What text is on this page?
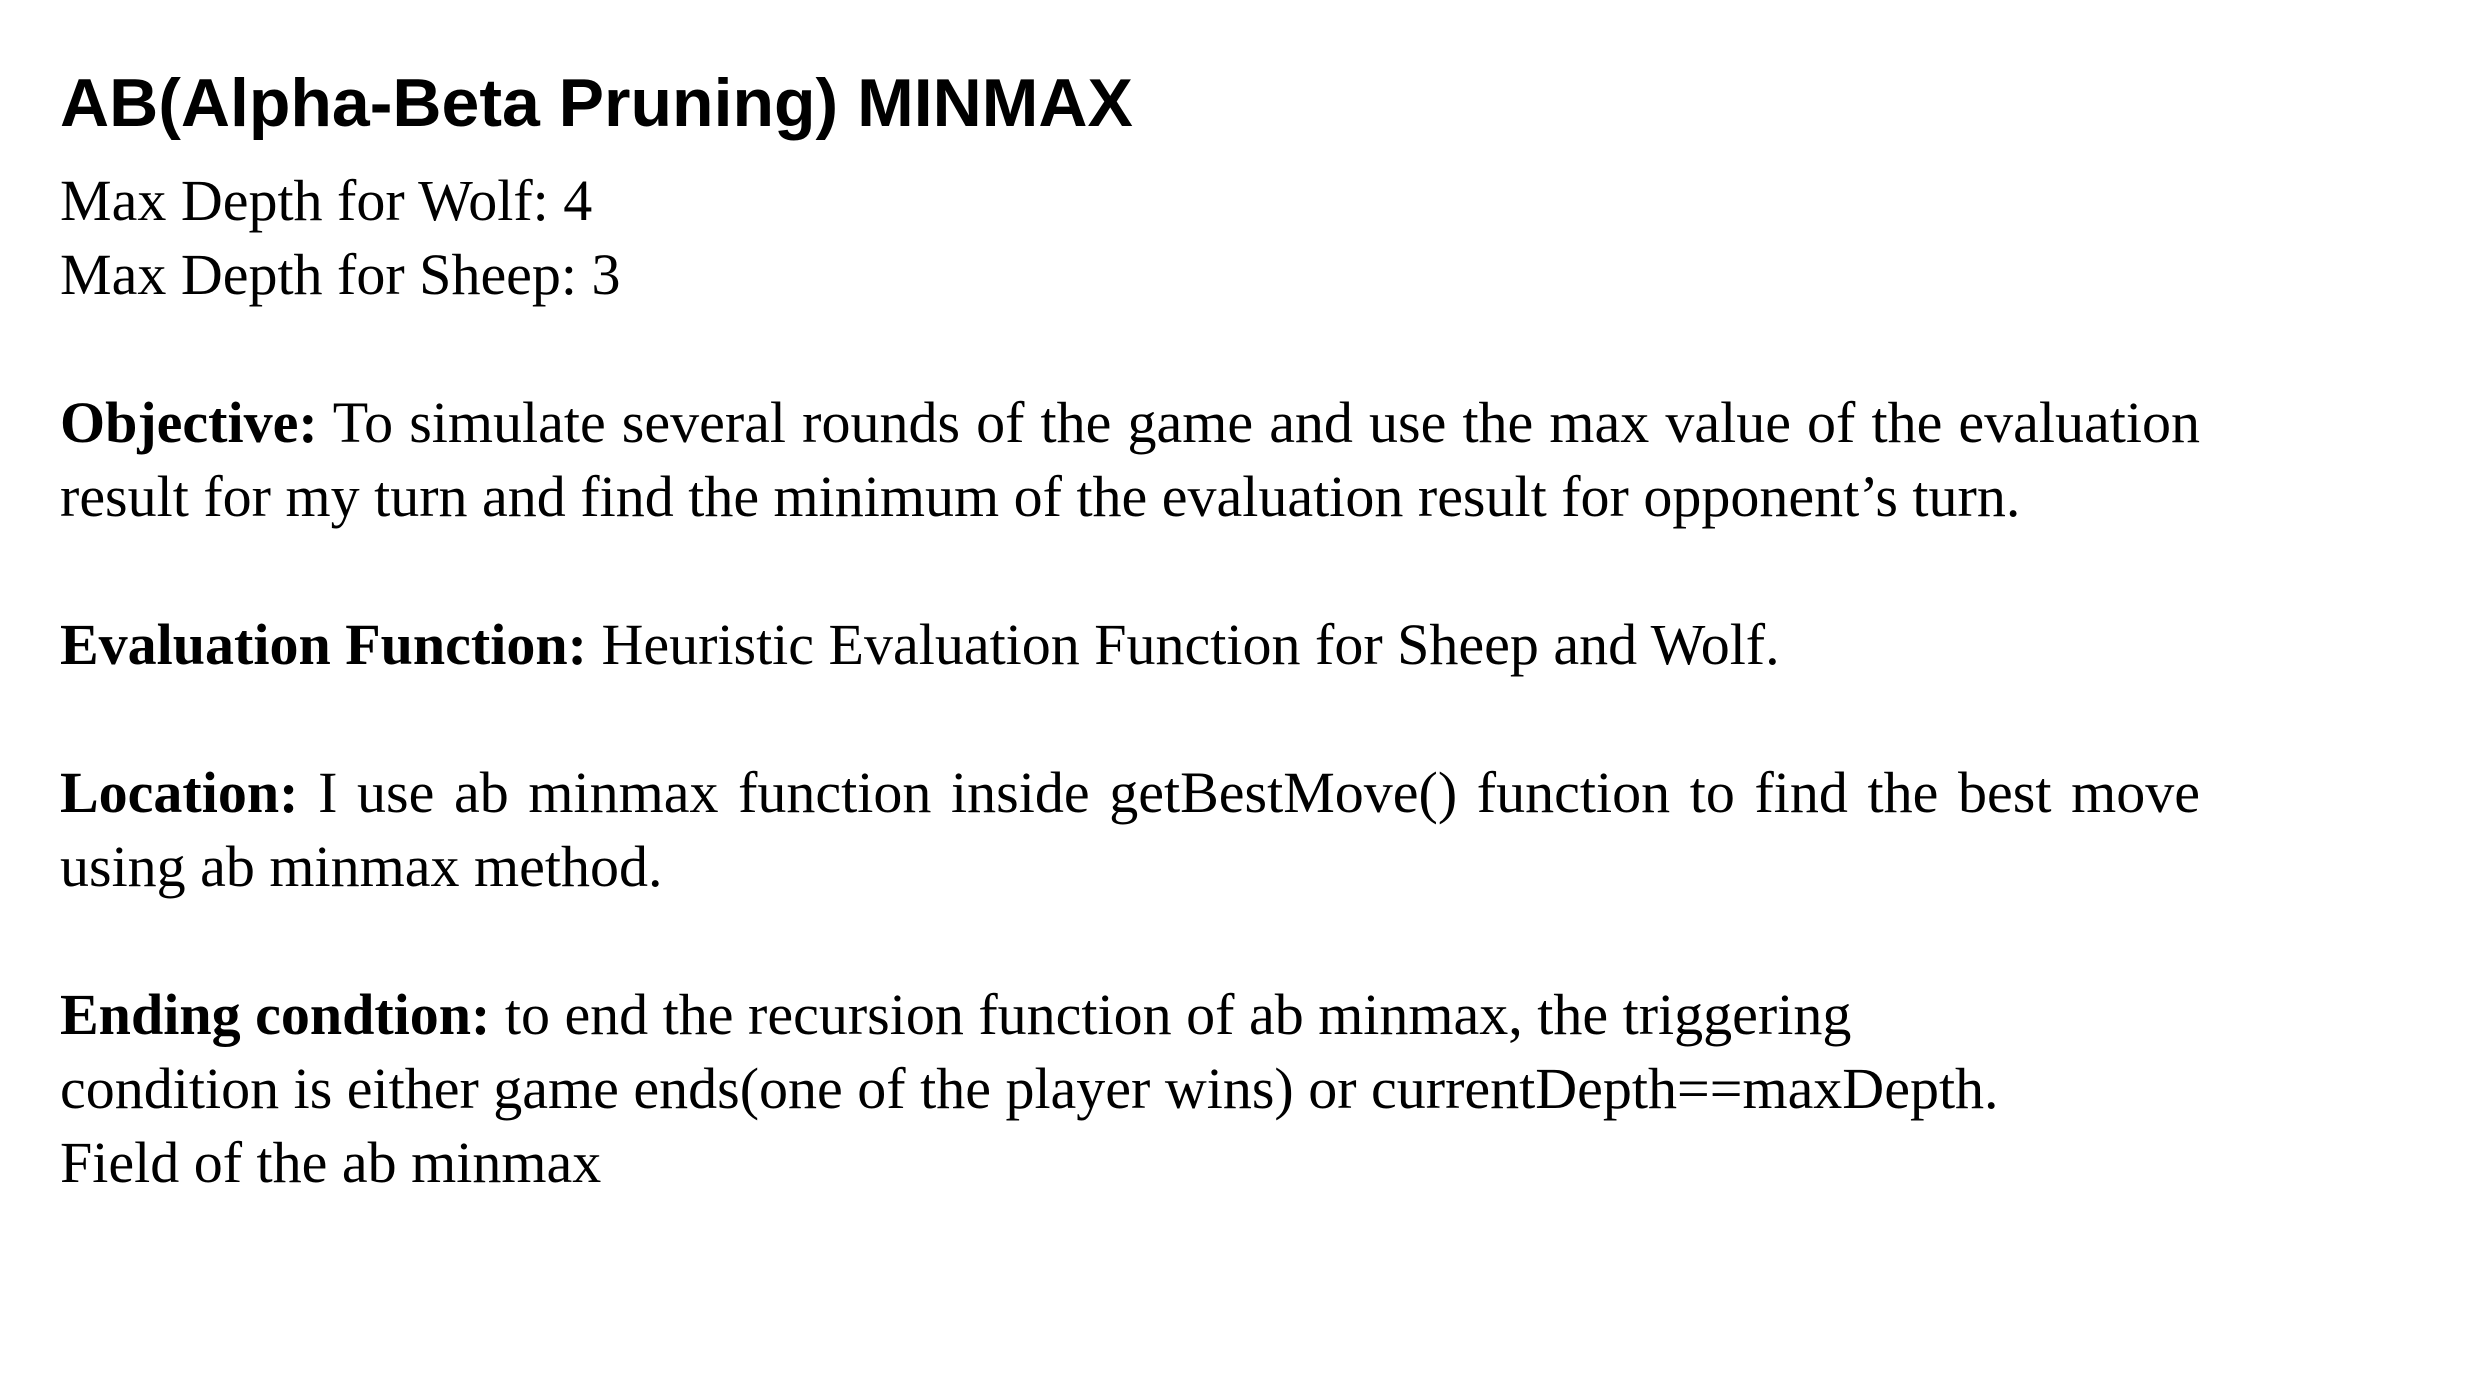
AB(Alpha-Beta Pruning) MINMAX

Max Depth for Wolf: 4

Max Depth for Sheep: 3

Objective: To simulate several rounds of the game and use the max value of the evaluation result for my turn and find the minimum of the evaluation result for opponent’s turn.

Evaluation Function: Heuristic Evaluation Function for Sheep and Wolf.

Location: I use ab minmax function inside getBestMove() function to find the best move using ab minmax method.

Ending condtion: to end the recursion function of ab minmax, the triggering

condition is either game ends(one of the player wins) or currentDepth==maxDepth.

Field of the ab minmax
